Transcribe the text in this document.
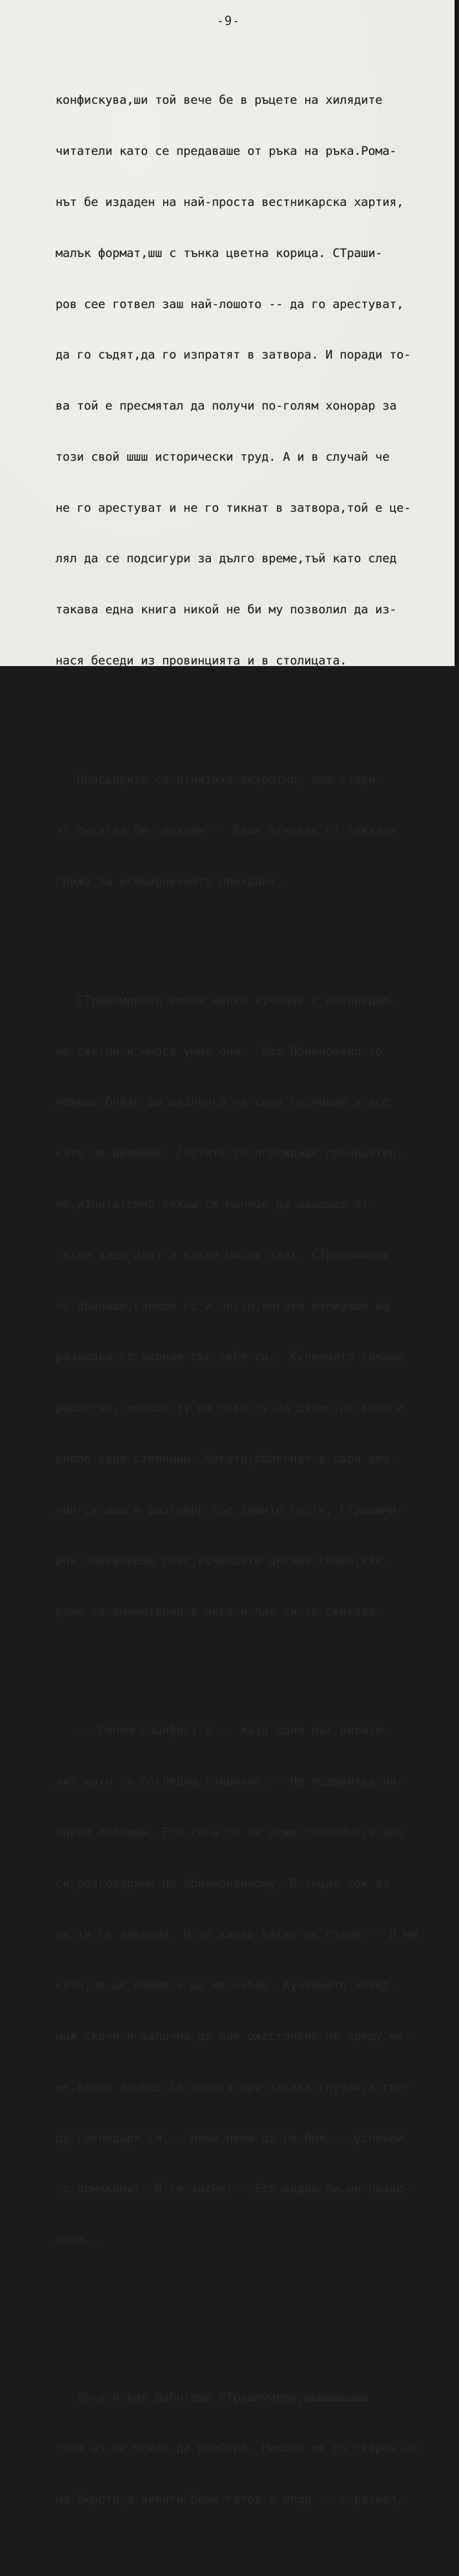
-9-

конфискува,ши той вече бе в ръцете на хилядите

читатели като се предаваше от ръка на ръка.Рома-

нът бе издаден на най-проста вестникарска хартия,

малък формат,шш с тънка цветна корица. СТраши-

ров сее готвел заш най-лошото -- да го арестуват,

да го съдят,да го изпратят в затвора. И поради то-

ва той е пресмятал да получи по-голям хонорар за

този свой шшш исторически труд. А и в случай че

не го арестуват и не го тикнат в затвора,той е це-

лял да се подсигури за дълго време,тъй като след

такава една книга никой не би му позволил да из-

нася беседи из провинцията и в столицата.

Пласьорите се отчитаха акуратно, шшш стари-

ят писател бе спокоен -- беше отърван от тежката

грижа за всекидневната прехрана.

СТрашимирови имаха малко кученце с извъредно-

но светли и много умни очи.  Шшш Обикновено то

лежеше близо до шезлонга на своя господар и все

като че дремеше. Гостите то оглеждаше проницател-

но,изпитателно сякаш се мъчеше да шшшшшшш от-

гатне защо идат и какви мисли таят. СТрашимиров

го обичаше,галеше го и често,когато излизаше на

разходка,го водеше със себе си.  Кученцето тичаше

радостно, минаше ту на ляво,ту на дясно,но винаги

около своя стопанин. Когато,облегнат в своя шез-

лонг,в шшш в разговор със своите гости, СТрашими-

ров повишавеше глас,кученцето дигаше глава,взи-

раше се внимателно в него и пак си се свиваше.

-- Голям пацифист е -- каза един път писате-

лят като го погледна гальовно.-- Не позволява ни-

какви побоища. Ето,сега то си лежи спокойно,а ние

си разговаряме по обикновенному. В същия ток аз

ще ти се закания. И ще видиш какво ще стане.-- И ми

каза,че ще вземе и ще ме набие. Кученцето извед-

наж скочи и започна да лае ожесточено не срещу ме-

не,както изобщо се полага при такива случаи,а сре-

щу господаря си.-- Няма,няма да го бия -- успокои

го домакинът. И се засмя:-- Ето,видиш ли,не позво-

лява...

Кога и как работеше СТрашимиров,шшшшшшшшш

това аз не можах да разбера. Никога не го сварих на

на бюрото,а винаги беше готов с нещо -- с разказ,
